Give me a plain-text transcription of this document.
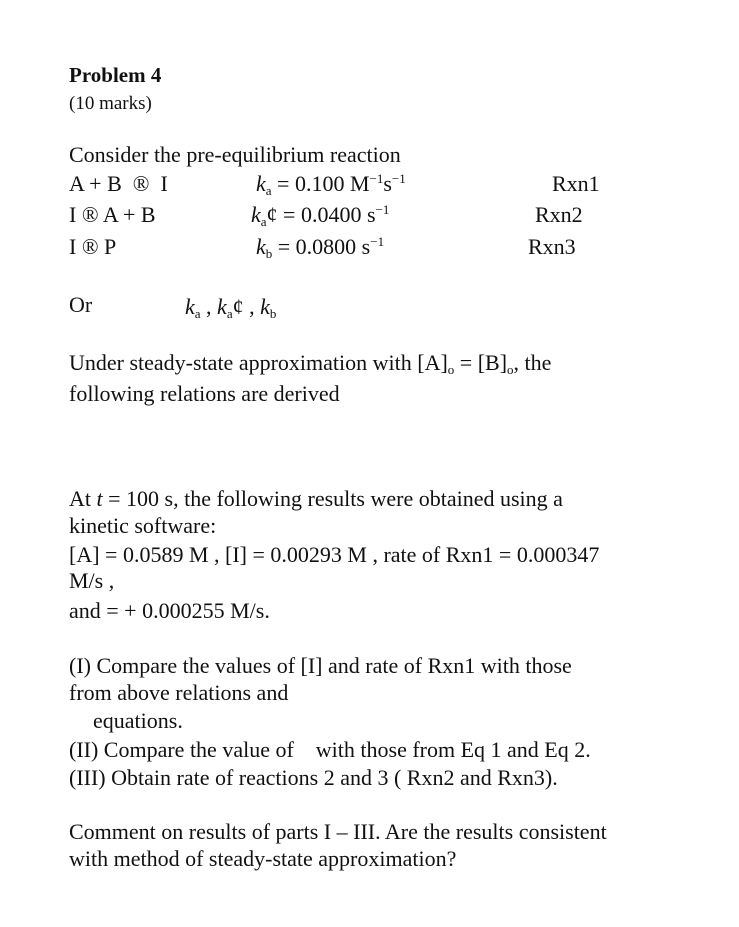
Problem 4
(10 marks)
Consider the pre-equilibrium reaction
A + B  ®  I	$k_a = 0.100$ $M^{-1}s^{-1}$	Rxn1
I ® A + B	$k_a¢ = 0.0400$ $s^{-1}$	Rxn2
I ® P	$k_b = 0.0800$ $s^{-1}$	Rxn3
Or	$k_a$ , $k_a¢$ , $k_b$
Under steady-state approximation with $[A]_o = [B]_o$, the
following relations are derived
At t = 100 s, the following results were obtained using a
kinetic software:
[A] = 0.0589 M , [I] = 0.00293 M , rate of Rxn1 = 0.000347
M/s ,
and = + 0.000255 M/s.
(I) Compare the values of [I] and rate of Rxn1 with those
from above relations and
equations.
(II) Compare the value of    with those from Eq 1 and Eq 2.
(III) Obtain rate of reactions 2 and 3 ( Rxn2 and Rxn3).
Comment on results of parts I – III. Are the results consistent
with method of steady-state approximation?
